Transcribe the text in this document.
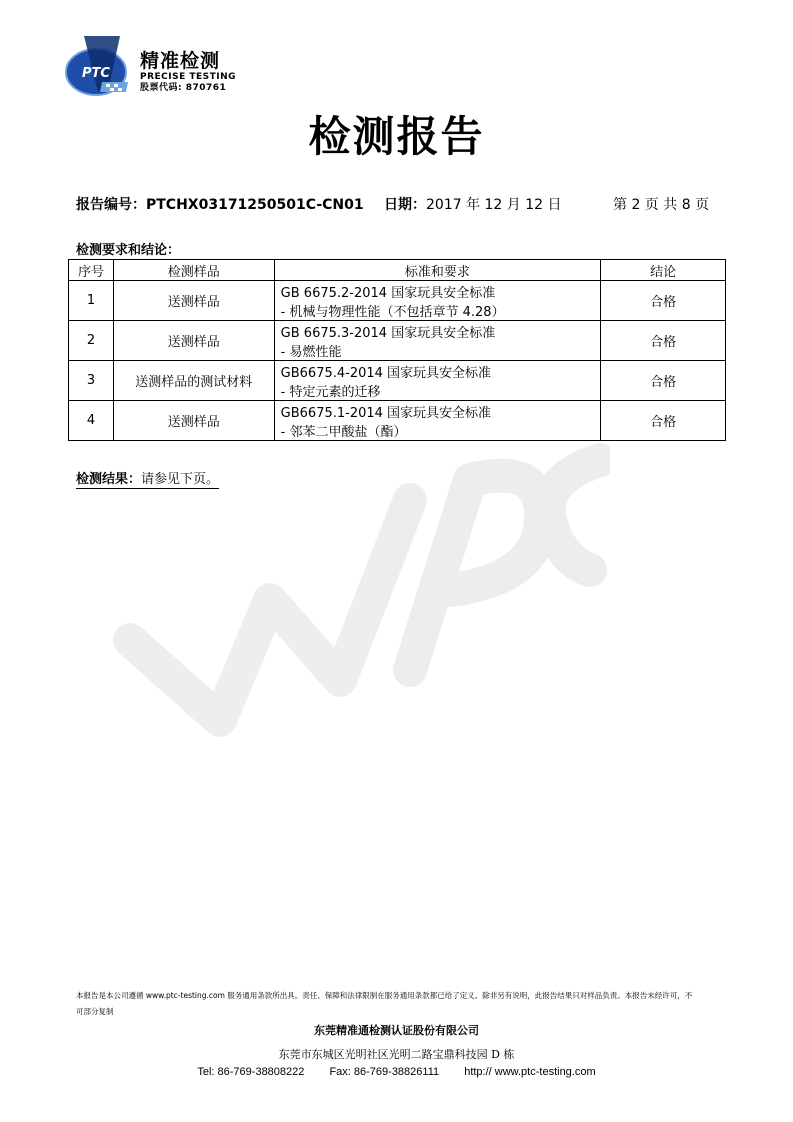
PTC
精准检测
PRECISE TESTING
股票代码: 870761
检测报告
报告编号：PTCHX03171250501C-CN01 日期：2017 年 12 月 12 日	第 2 页 共 8 页
检测要求和结论：
序号	检测样品	标准和要求	结论
1	送测样品	GB 6675.2-2014 国家玩具安全标准
- 机械与物理性能（不包括章节 4.28）	合格
2	送测样品	GB 6675.3-2014 国家玩具安全标准
- 易燃性能	合格
3	送测样品的测试材料	GB6675.4-2014 国家玩具安全标准
- 特定元素的迁移	合格
4	送测样品	GB6675.1-2014 国家玩具安全标准
- 邻苯二甲酸盐（酯）	合格
检测结果：请参见下页。
本报告是本公司遵循 www.ptc-testing.com 服务通用条款所出具。责任、保障和法律限制在服务通用条款都已给了定义。除非另有说明，此报告结果只对样品负责。本报告未经许可，不
可部分复制
东莞精准通检测认证股份有限公司
东莞市东城区光明社区光明二路宝鼎科技园 D 栋
Tel: 86-769-38808222 Fax: 86-769-38826111 http:// www.ptc-testing.com
